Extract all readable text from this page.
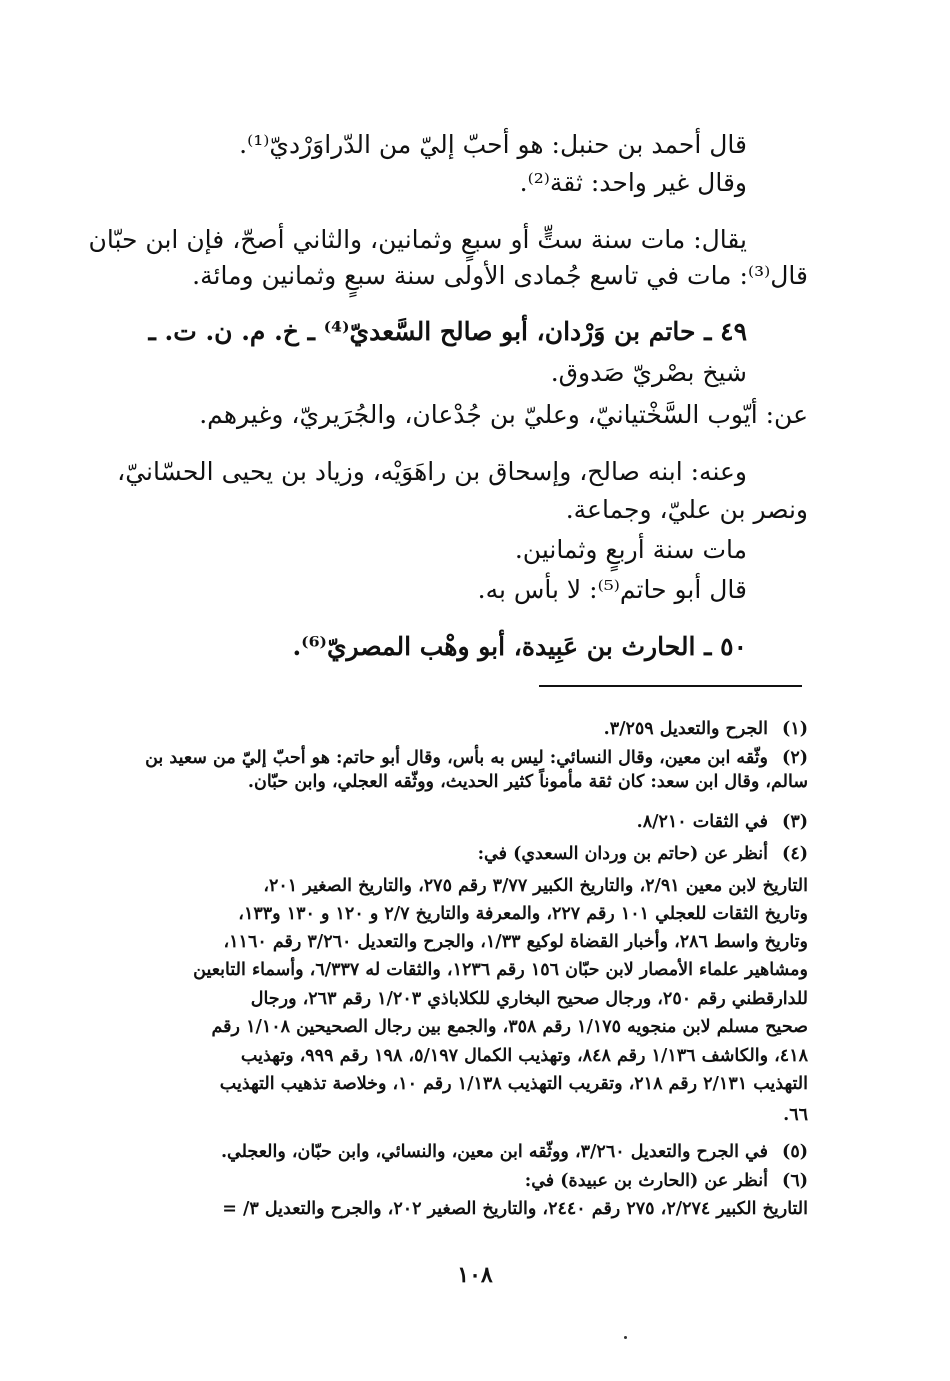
قال أحمد بن حنبل: هو أحبّ إليّ من الدّراوَرْديّ⁽¹⁾.

وقال غير واحد: ثقة⁽²⁾.

يقال: مات سنة ستٍّ أو سبعٍ وثمانين، والثاني أصحّ، فإن ابن حبّان

قال⁽³⁾: مات في تاسع جُمادى الأولى سنة سبعٍ وثمانين ومائة.

٤٩ ـ حاتم بن وَرْدان، أبو صالح السَّعديّ⁽⁴⁾ ـ خ. م. ن. ت. ـ

شيخ بصْريّ صَدوق.

عن: أيّوب السَّخْتيانيّ، وعليّ بن جُدْعان، والجُرَيريّ، وغيرهم.

وعنه: ابنه صالح، وإسحاق بن راهَوَيْه، وزياد بن يحيى الحسّانيّ،

ونصر بن عليّ، وجماعة.

مات سنة أربعٍ وثمانين.

قال أبو حاتم⁽⁵⁾: لا بأس به.

٥٠ ـ الحارث بن عَبِيدة، أبو وهْب المصريّ⁽⁶⁾.

(١)الجرح والتعديل ٣/٢٥٩.

(٢)وثّقه ابن معين، وقال النسائي: ليس به بأس، وقال أبو حاتم: هو أحبّ إليّ من سعيد بن

سالم، وقال ابن سعد: كان ثقة مأموناً كثير الحديث، ووثّقه العجلي، وابن حبّان.

(٣)في الثقات ٨/٢١٠.

(٤)أنظر عن (حاتم بن وردان السعدي) في:

التاريخ لابن معين ٢/٩١، والتاريخ الكبير ٣/٧٧ رقم ٢٧٥، والتاريخ الصغير ٢٠١،

وتاريخ الثقات للعجلي ١٠١ رقم ٢٢٧، والمعرفة والتاريخ ٢/٧ و ١٢٠ و ١٣٠ و١٣٣،

وتاريخ واسط ٢٨٦، وأخبار القضاة لوكيع ١/٣٣، والجرح والتعديل ٣/٢٦٠ رقم ١١٦٠،

ومشاهير علماء الأمصار لابن حبّان ١٥٦ رقم ١٢٣٦، والثقات له ٦/٣٣٧، وأسماء التابعين

للدارقطني رقم ٢٥٠، ورجال صحيح البخاري للكلاباذي ١/٢٠٣ رقم ٢٦٣، ورجال

صحيح مسلم لابن منجويه ١/١٧٥ رقم ٣٥٨، والجمع بين رجال الصحيحين ١/١٠٨ رقم

٤١٨، والكاشف ١/١٣٦ رقم ٨٤٨، وتهذيب الكمال ٥/١٩٧، ١٩٨ رقم ٩٩٩، وتهذيب

التهذيب ٢/١٣١ رقم ٢١٨، وتقريب التهذيب ١/١٣٨ رقم ١٠، وخلاصة تذهيب التهذيب

٦٦.

(٥)في الجرح والتعديل ٣/٢٦٠، ووثّقه ابن معين، والنسائي، وابن حبّان، والعجلي.

(٦)أنظر عن (الحارث بن عبيدة) في:

التاريخ الكبير ٢/٢٧٤، ٢٧٥ رقم ٢٤٤٠، والتاريخ الصغير ٢٠٢، والجرح والتعديل ٣/ =

١٠٨
